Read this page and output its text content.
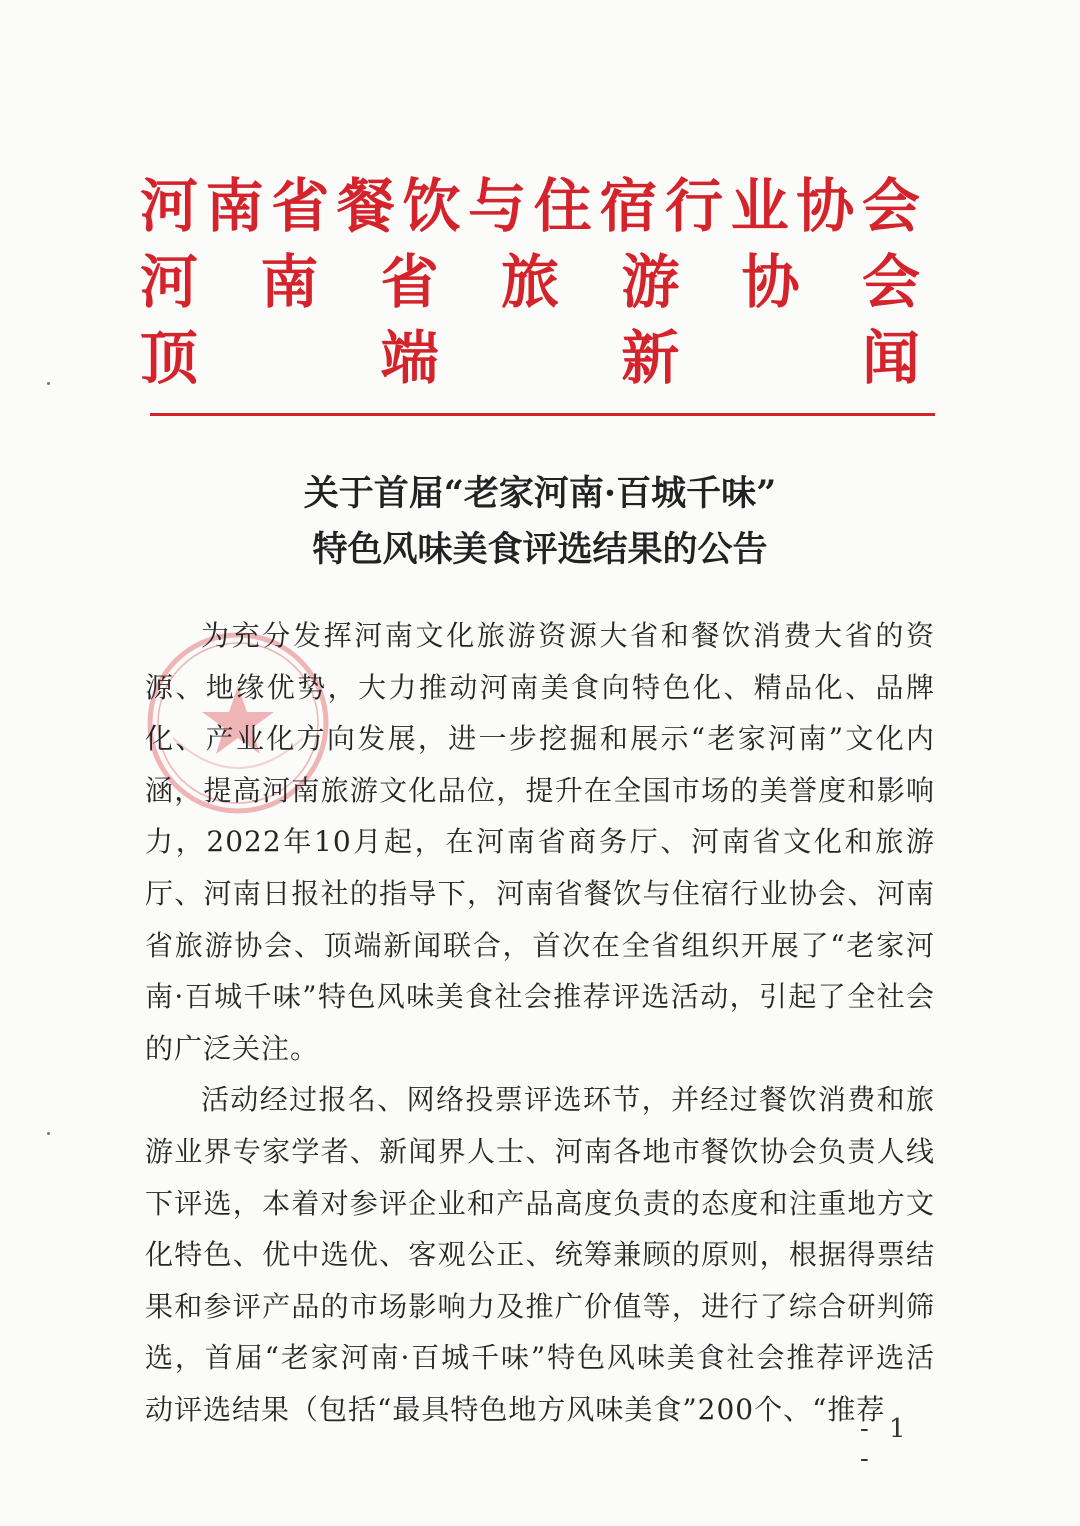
河 南 省 餐 饮 与 住 宿 行 业 协 会
河 南 省 旅 游 协 会
顶	端	新	闻
关于首届“老家河南·百城千味”
特色风味美食评选结果的公告

为充分发挥河南文化旅游资源大省和餐饮消费大省的资源、地缘优势，大力推动河南美食向特色化、精品化、品牌化、产业化方向发展，进一步挖掘和展示“老家河南”文化内涵，提高河南旅游文化品位，提升在全国市场的美誉度和影响力，2022年10月起，在河南省商务厅、河南省文化和旅游厅、河南日报社的指导下，河南省餐饮与住宿行业协会、河南省旅游协会、顶端新闻联合，首次在全省组织开展了“老家河南·百城千味”特色风味美食社会推荐评选活动，引起了全社会的广泛关注。

活动经过报名、网络投票评选环节，并经过餐饮消费和旅游业界专家学者、新闻界人士、河南各地市餐饮协会负责人线下评选，本着对参评企业和产品高度负责的态度和注重地方文化特色、优中选优、客观公正、统筹兼顾的原则，根据得票结果和参评产品的市场影响力及推广价值等，进行了综合研判筛选，首届“老家河南·百城千味”特色风味美食社会推荐评选活动评选结果（包括“最具特色地方风味美食”200个、“推荐

- 1 -
